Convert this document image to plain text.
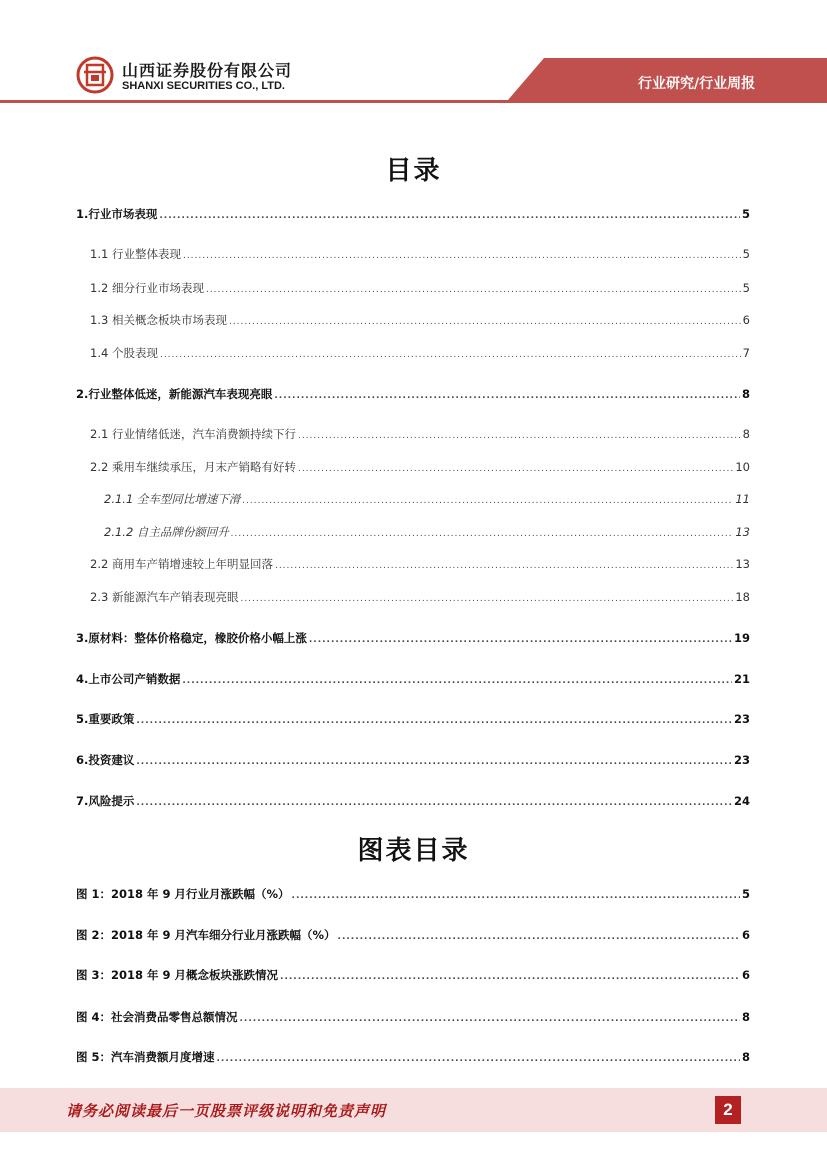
山西证券股份有限公司
SHANXI SECURITIES CO., LTD.	行业研究/行业周报
目录
1.行业市场表现 .....	5
1.1 行业整体表现 .....	5
1.2 细分行业市场表现 .....	5
1.3 相关概念板块市场表现 .....	6
1.4 个股表现 .....	7
2.行业整体低迷，新能源汽车表现亮眼 .....	8
2.1 行业情绪低迷，汽车消费额持续下行 .....	8
2.2 乘用车继续承压，月末产销略有好转 .....	10
2.1.1 全车型同比增速下滑 .....	11
2.1.2 自主品牌份额回升 .....	13
2.2 商用车产销增速较上年明显回落 .....	13
2.3 新能源汽车产销表现亮眼 .....	18
3.原材料：整体价格稳定，橡胶价格小幅上涨 .....	19
4.上市公司产销数据 .....	21
5.重要政策 .....	23
6.投资建议 .....	23
7.风险提示 .....	24
图表目录
图 1：2018 年 9 月行业月涨跌幅（%） .....	5
图 2：2018 年 9 月汽车细分行业月涨跌幅（%） .....	6
图 3：2018 年 9 月概念板块涨跌情况 .....	6
图 4：社会消费品零售总额情况 .....	8
图 5：汽车消费额月度增速 .....	8
请务必阅读最后一页股票评级说明和免责声明	2
